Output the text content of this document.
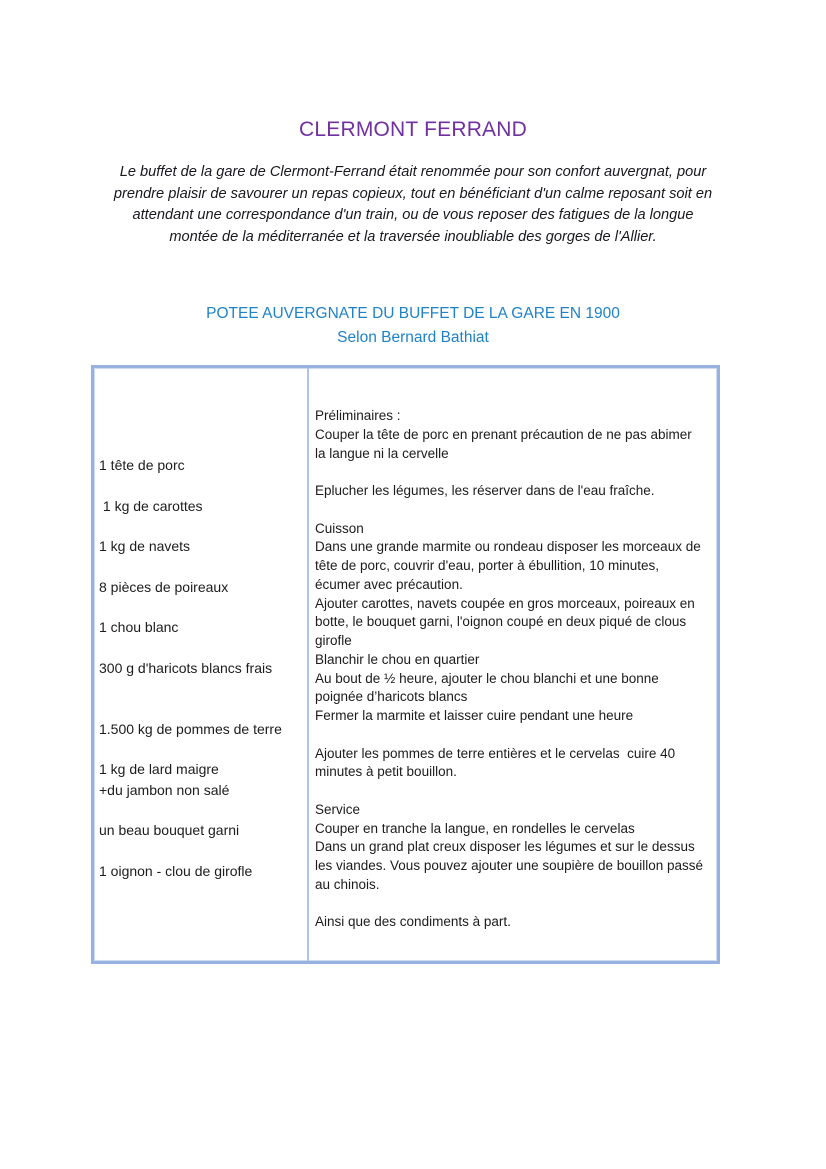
CLERMONT FERRAND
Le buffet de la gare de Clermont-Ferrand était renommée pour son confort auvergnat, pour
prendre plaisir de savourer un repas copieux, tout en bénéficiant d'un calme reposant soit en
attendant une correspondance d'un train, ou de vous reposer des fatigues de la longue
montée de la méditerranée et la traversée inoubliable des gorges de l'Allier.
POTEE AUVERGNATE DU BUFFET DE LA GARE EN 1900
Selon Bernard Bathiat
1 tête de porc

1 kg de carottes

1 kg de navets

8 pièces de poireaux

1 chou blanc

300 g d'haricots blancs frais

1.500 kg de pommes de terre

1 kg de lard maigre
+du jambon non salé

un beau bouquet garni

1 oignon - clou de girofle
Préliminaires :
Couper la tête de porc en prenant précaution de ne pas abimer
la langue ni la cervelle

Eplucher les légumes, les réserver dans de l'eau fraîche.

Cuisson
Dans une grande marmite ou rondeau disposer les morceaux de
tête de porc, couvrir d'eau, porter à ébullition, 10 minutes,
écumer avec précaution.
Ajouter carottes, navets coupée en gros morceaux, poireaux en
botte, le bouquet garni, l'oignon coupé en deux piqué de clous
girofle
Blanchir le chou en quartier
Au bout de ½ heure, ajouter le chou blanchi et une bonne
poignée d’haricots blancs
Fermer la marmite et laisser cuire pendant une heure

Ajouter les pommes de terre entières et le cervelas  cuire 40
minutes à petit bouillon.

Service
Couper en tranche la langue, en rondelles le cervelas
Dans un grand plat creux disposer les légumes et sur le dessus
les viandes. Vous pouvez ajouter une soupière de bouillon passé
au chinois.

Ainsi que des condiments à part.
